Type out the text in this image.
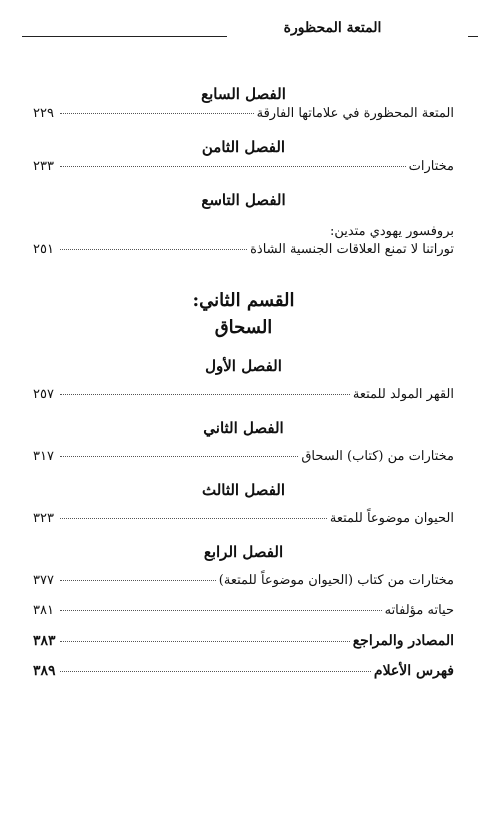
المتعة المحظورة
الفصل السابع
المتعة المحظورة في علاماتها الفارقة
٢٢٩
الفصل الثامن
مختارات
٢٣٣
الفصل التاسع
بروفسور يهودي متدين:
توراتنا لا تمنع العلاقات الجنسية الشاذة
٢٥١
القسم الثاني:
السحاق
الفصل الأول
القهر المولد للمتعة
٢٥٧
الفصل الثاني
مختارات من (كتاب) السحاق
٣١٧
الفصل الثالث
الحيوان موضوعاً للمتعة
٣٢٣
الفصل الرابع
مختارات من كتاب (الحيوان موضوعاً للمتعة)
٣٧٧
حياته مؤلفاته
٣٨١
المصادر والمراجع
٣٨٣
فهرس الأعلام
٣٨٩
